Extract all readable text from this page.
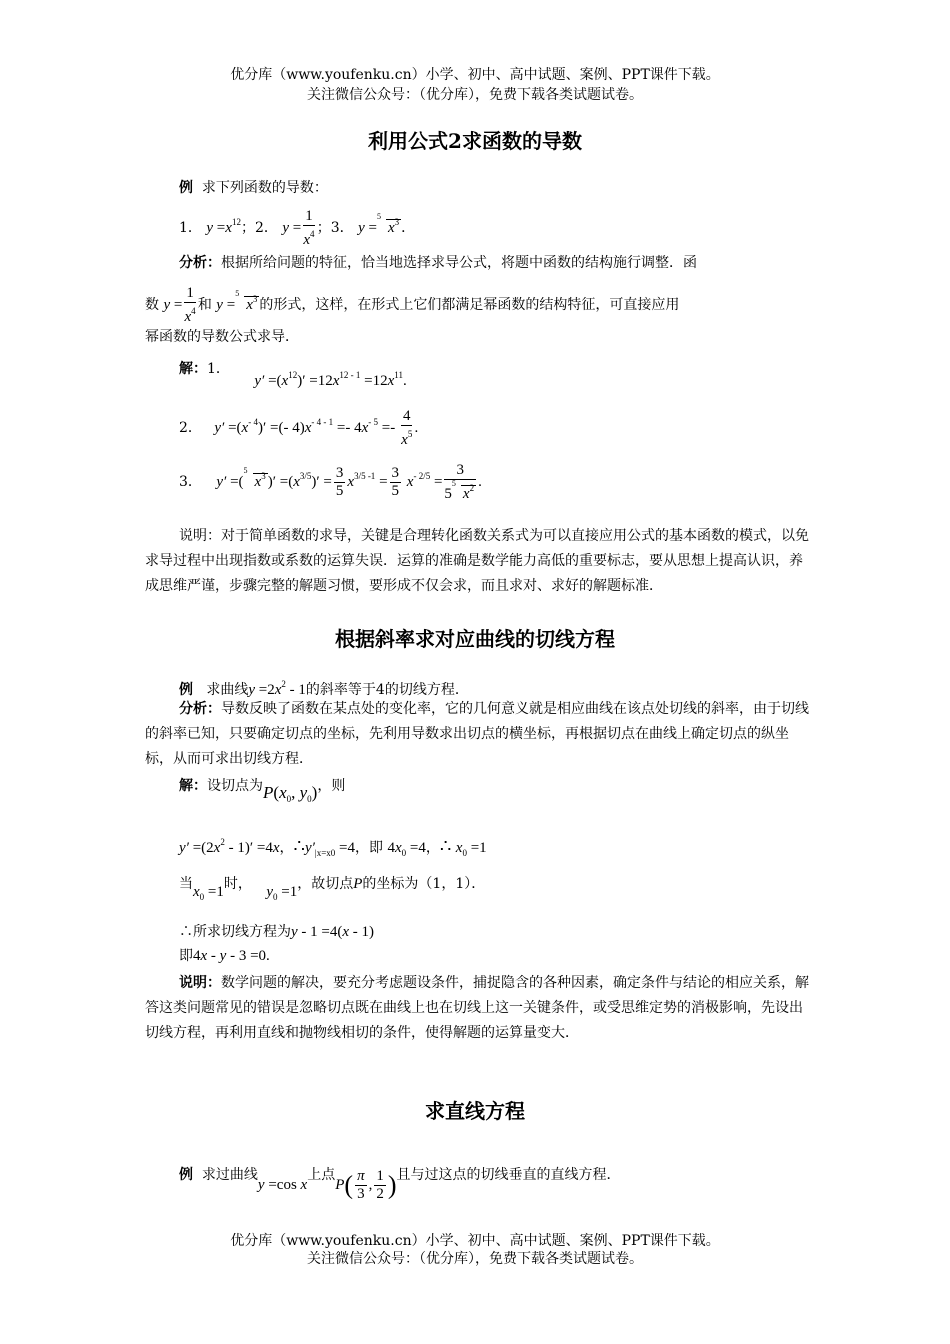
优分库（www.youfenku.cn）小学、初中、高中试题、案例、PPT课件下载。
关注微信公众号：（优分库），免费下载各类试题试卷。
利用公式2求函数的导数
例 求下列函数的导数：
1． $y =x^{12}$；2． $y = \frac{1}{x^4}$ ；3． y =
5
$x^3$ ．
分析：根据所给问题的特征，恰当地选择求导公式，将题中函数的结构施行调整．函
数 $y = \frac{1}{x^4}$ 和 y =
5
$x^3$ 的形式，这样，在形式上它们都满足幂函数的结构特征，可直接应用
幂函数的导数公式求导．
解：1． $y' =(x^{12})' =12x^{12 - 1} =12x^{11}$.
2． $y' =(x^{- 4})'$ =(- $4)x^{- 4 - 1} =- 4x^{- 5} =- \frac{4}{x^5}$ .
3． y′ =(
5
$x^3$ )′ $=(x^{3/5})' = \frac{3}{5} x^{3/5 -1} = \frac{3}{5} x^{- 2/5} = 3$
5
5
$x^2$ .
说明：对于简单函数的求导，关键是合理转化函数关系式为可以直接应用公式的基本函数的模式，以免求导过程中出现指数或系数的运算失误．运算的准确是数学能力高低的重要标志，要从思想上提高认识，养成思维严谨，步骤完整的解题习惯，要形成不仅会求，而且求对、求好的解题标准．
根据斜率求对应曲线的切线方程
例 求曲线$y =2x^2 - 1$的斜率等于4的切线方程．
分析：导数反映了函数在某点处的变化率，它的几何意义就是相应曲线在该点处切线的斜率，由于切线的斜率已知，只要确定切点的坐标，先利用导数求出切点的横坐标，再根据切点在曲线上确定切点的纵坐标，从而可求出切线方程．
解：设切点为$P(x_0$, $y_0$)，则
$y' =(2x^2 - 1)' =4x$，$\therefore y'_{|x=x0} =4$，即 $4x_0 =4$，∴ $x_0 =1$
当$x_0 =1$时， $y_0 =1$，故切点P的坐标为（1，1）．
∴所求切线方程为y - 1 =4(x - 1)
即4x - y - 3 =0.
说明：数学问题的解决，要充分考虑题设条件，捕捉隐含的各种因素，确定条件与结论的相应关系，解答这类问题常见的错误是忽略切点既在曲线上也在切线上这一关键条件，或受思维定势的消极影响，先设出切线方程，再利用直线和抛物线相切的条件，使得解题的运算量变大．
求直线方程
例 求过曲线y =cos x上点$P( \frac{\pi}{3}$ , $\frac{1}{2}$ )且与过这点的切线垂直的直线方程．
优分库（www.youfenku.cn）小学、初中、高中试题、案例、PPT课件下载。
关注微信公众号：（优分库），免费下载各类试题试卷。
